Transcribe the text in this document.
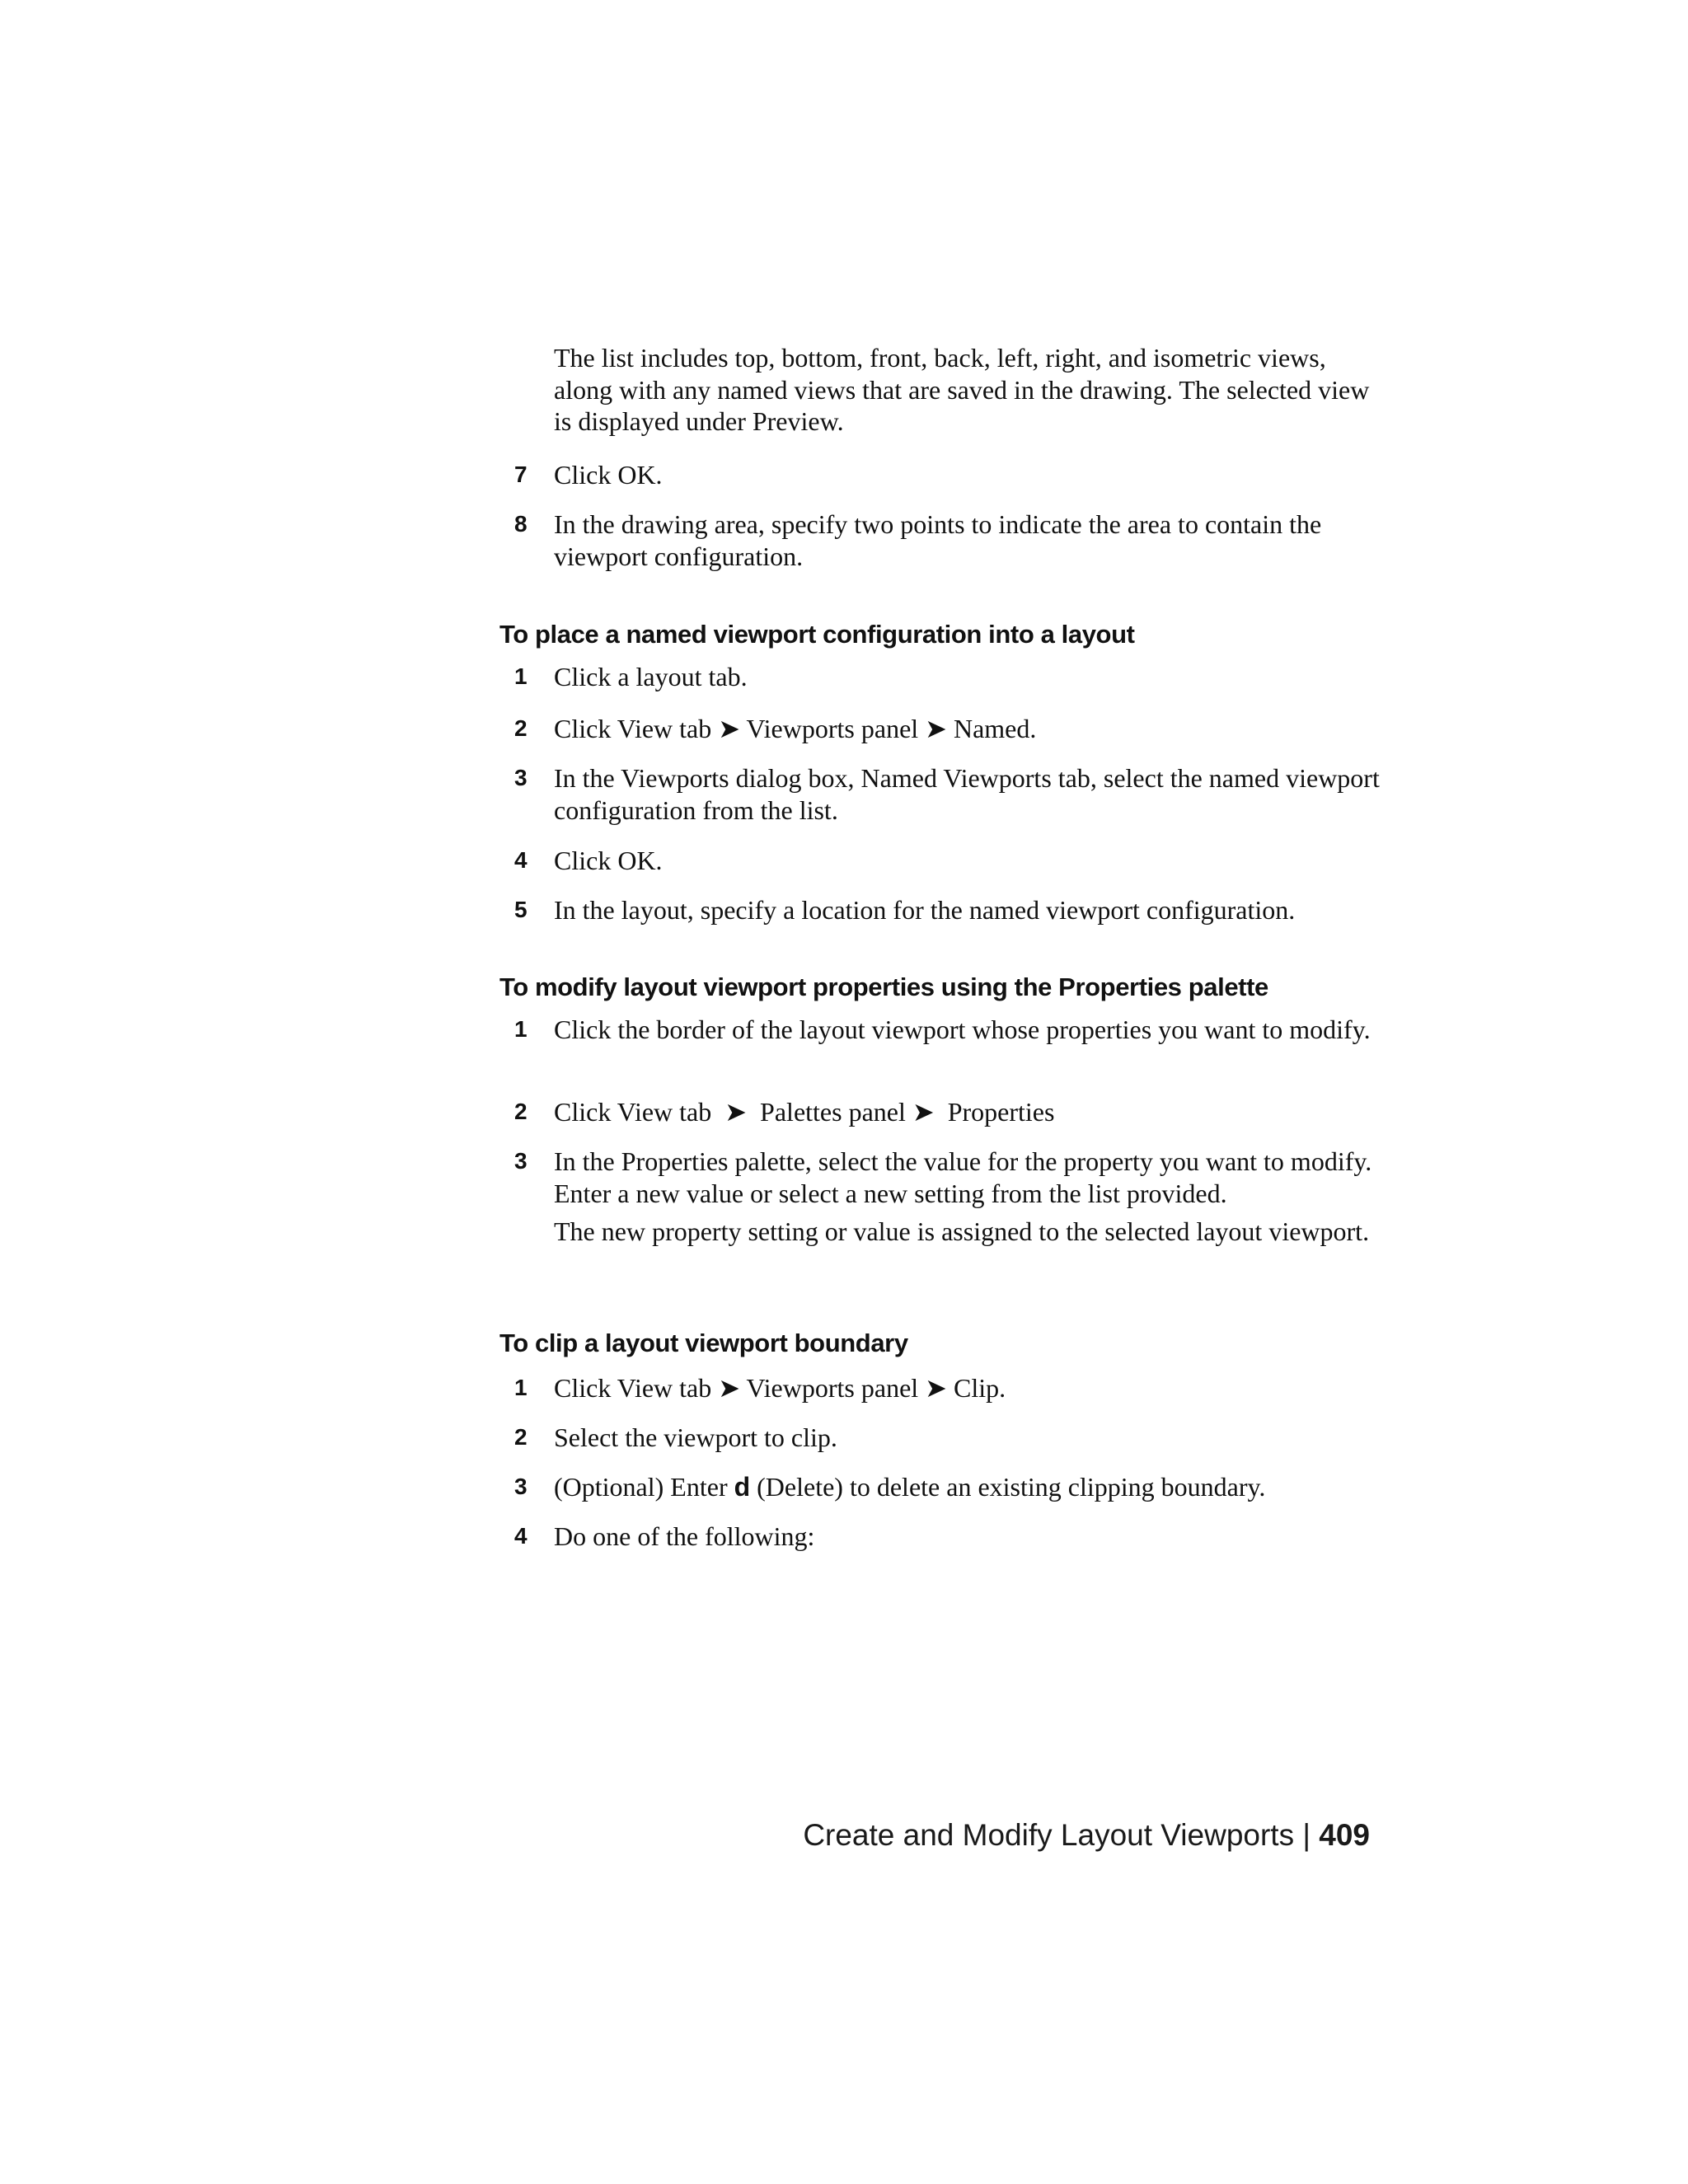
The list includes top, bottom, front, back, left, right, and isometric views, along with any named views that are saved in the drawing. The selected view is displayed under Preview.

7	Click OK.
8	In the drawing area, specify two points to indicate the area to contain the viewport configuration.
To place a named viewport configuration into a layout
1	Click a layout tab.
2	Click View tab ➤ Viewports panel ➤ Named.
3	In the Viewports dialog box, Named Viewports tab, select the named viewport configuration from the list.
4	Click OK.
5	In the layout, specify a location for the named viewport configuration.
To modify layout viewport properties using the Properties palette
1	Click the border of the layout viewport whose properties you want to modify.
2	Click View tab  ➤  Palettes panel ➤  Properties
3	In the Properties palette, select the value for the property you want to modify. Enter a new value or select a new setting from the list provided.

The new property setting or value is assigned to the selected layout viewport.

To clip a layout viewport boundary
1	Click View tab ➤ Viewports panel ➤ Clip.
2	Select the viewport to clip.
3	(Optional) Enter d (Delete) to delete an existing clipping boundary.
4	Do one of the following:
Create and Modify Layout Viewports | 409
